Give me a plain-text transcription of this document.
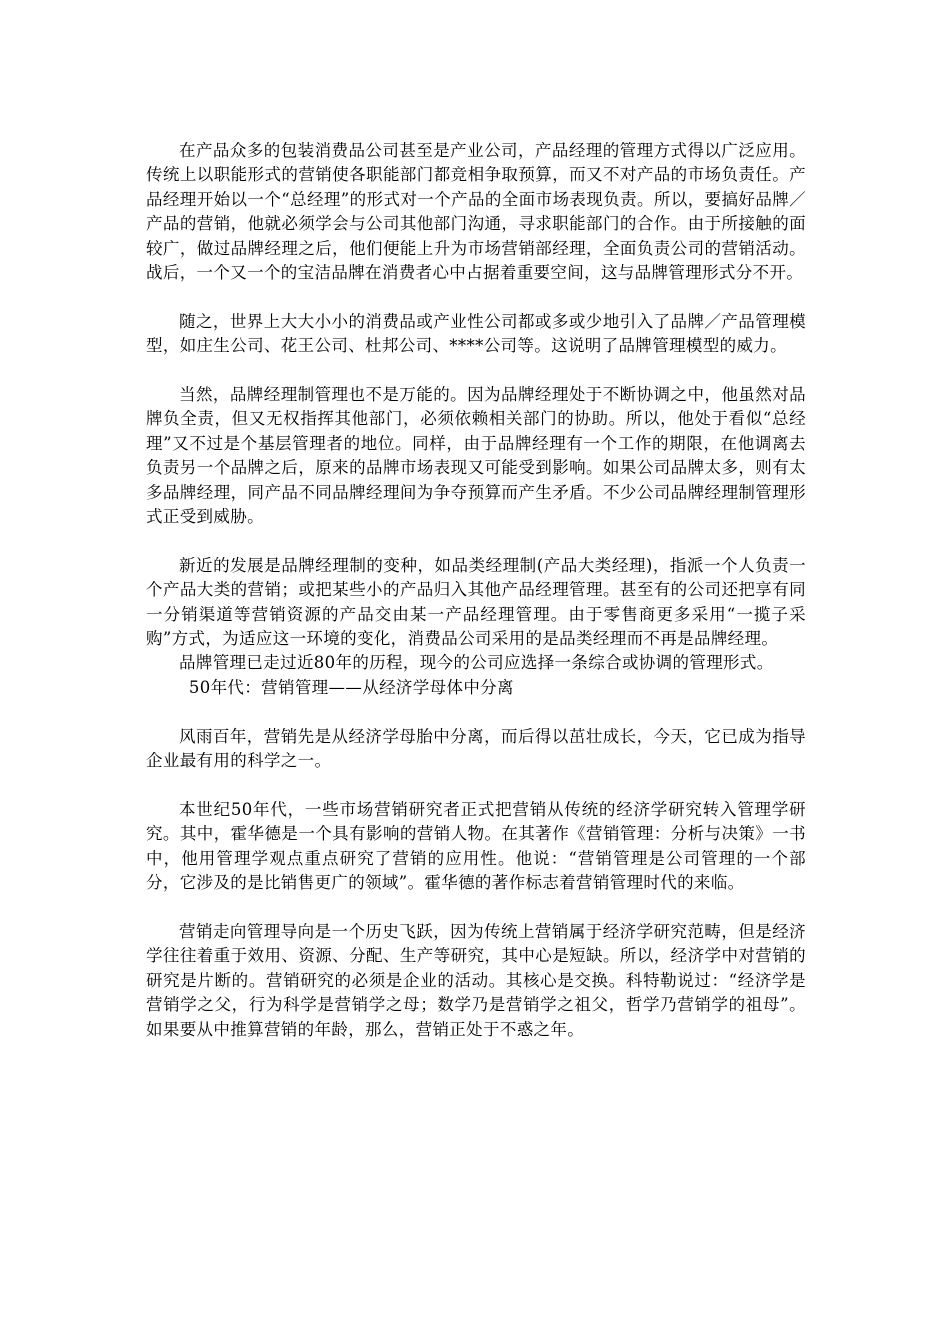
在产品众多的包装消费品公司甚至是产业公司，产品经理的管理方式得以广泛应用。传统上以职能形式的营销使各职能部门都竞相争取预算，而又不对产品的市场负责任。产品经理开始以一个“总经理”的形式对一个产品的全面市场表现负责。所以，要搞好品牌／产品的营销，他就必须学会与公司其他部门沟通，寻求职能部门的合作。由于所接触的面较广，做过品牌经理之后，他们便能上升为市场营销部经理，全面负责公司的营销活动。战后，一个又一个的宝洁品牌在消费者心中占据着重要空间，这与品牌管理形式分不开。

随之，世界上大大小小的消费品或产业性公司都或多或少地引入了品牌／产品管理模型，如庄生公司、花王公司、杜邦公司、****公司等。这说明了品牌管理模型的威力。

当然，品牌经理制管理也不是万能的。因为品牌经理处于不断协调之中，他虽然对品牌负全责，但又无权指挥其他部门，必须依赖相关部门的协助。所以，他处于看似“总经理”又不过是个基层管理者的地位。同样，由于品牌经理有一个工作的期限，在他调离去负责另一个品牌之后，原来的品牌市场表现又可能受到影响。如果公司品牌太多，则有太多品牌经理，同产品不同品牌经理间为争夺预算而产生矛盾。不少公司品牌经理制管理形式正受到威胁。

新近的发展是品牌经理制的变种，如品类经理制(产品大类经理)，指派一个人负责一个产品大类的营销；或把某些小的产品归入其他产品经理管理。甚至有的公司还把享有同一分销渠道等营销资源的产品交由某一产品经理管理。由于零售商更多采用“一揽子采购”方式，为适应这一环境的变化，消费品公司采用的是品类经理而不再是品牌经理。

品牌管理已走过近80年的历程，现今的公司应选择一条综合或协调的管理形式。

50年代：营销管理——从经济学母体中分离

风雨百年，营销先是从经济学母胎中分离，而后得以茁壮成长，今天，它已成为指导企业最有用的科学之一。

本世纪50年代，一些市场营销研究者正式把营销从传统的经济学研究转入管理学研究。其中，霍华德是一个具有影响的营销人物。在其著作《营销管理：分析与决策》一书中，他用管理学观点重点研究了营销的应用性。他说：“营销管理是公司管理的一个部分，它涉及的是比销售更广的领域”。霍华德的著作标志着营销管理时代的来临。

营销走向管理导向是一个历史飞跃，因为传统上营销属于经济学研究范畴，但是经济学往往着重于效用、资源、分配、生产等研究，其中心是短缺。所以，经济学中对营销的研究是片断的。营销研究的必须是企业的活动。其核心是交换。科特勒说过：“经济学是营销学之父，行为科学是营销学之母；数学乃是营销学之祖父，哲学乃营销学的祖母”。如果要从中推算营销的年龄，那么，营销正处于不惑之年。
